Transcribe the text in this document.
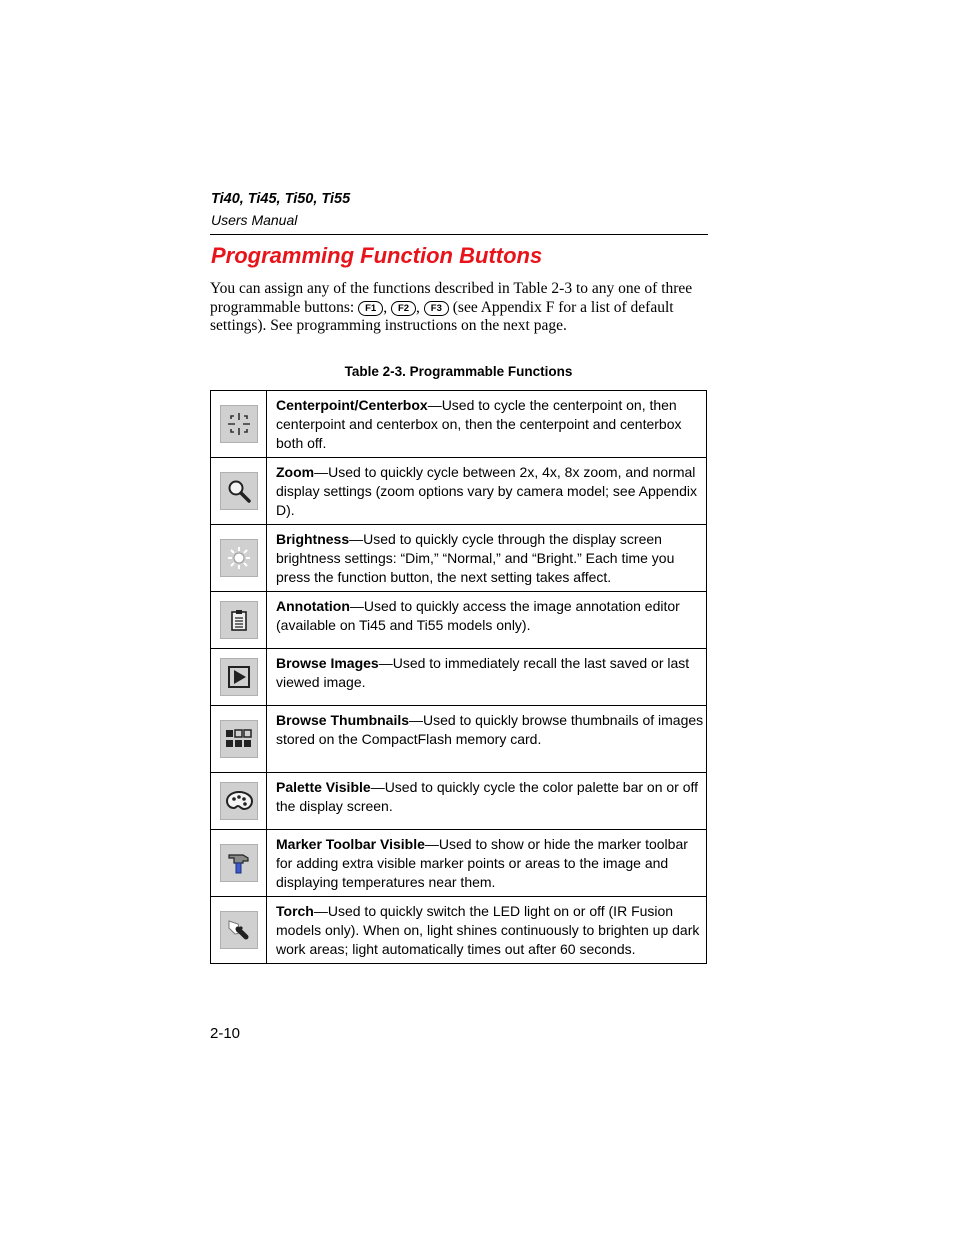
Ti40, Ti45, Ti50, Ti55
Users Manual
Programming Function Buttons
You can assign any of the functions described in Table 2-3 to any one of three
programmable buttons: F1 , F2 , F3 (see Appendix F for a list of default
settings). See programming instructions on the next page.
Table 2-3. Programmable Functions
	Centerpoint/Centerbox—Used to cycle the centerpoint on, then centerpoint and centerbox on, then the centerpoint and centerbox both off.

	Zoom—Used to quickly cycle between 2x, 4x, 8x zoom, and normal display settings (zoom options vary by camera model; see Appendix D).

	Brightness—Used to quickly cycle through the display screen brightness settings: “Dim,” “Normal,” and “Bright.” Each time you press the function button, the next setting takes affect.

	Annotation—Used to quickly access the image annotation editor (available on Ti45 and Ti55 models only).

	Browse Images—Used to immediately recall the last saved or last viewed image.

	Browse Thumbnails—Used to quickly browse thumbnails of images stored on the CompactFlash memory card.

	Palette Visible—Used to quickly cycle the color palette bar on or off the display screen.

	Marker Toolbar Visible—Used to show or hide the marker toolbar for adding extra visible marker points or areas to the image and displaying temperatures near them.

	Torch—Used to quickly switch the LED light on or off (IR Fusion models only). When on, light shines continuously to brighten up dark work areas; light automatically times out after 60 seconds.
2-10
